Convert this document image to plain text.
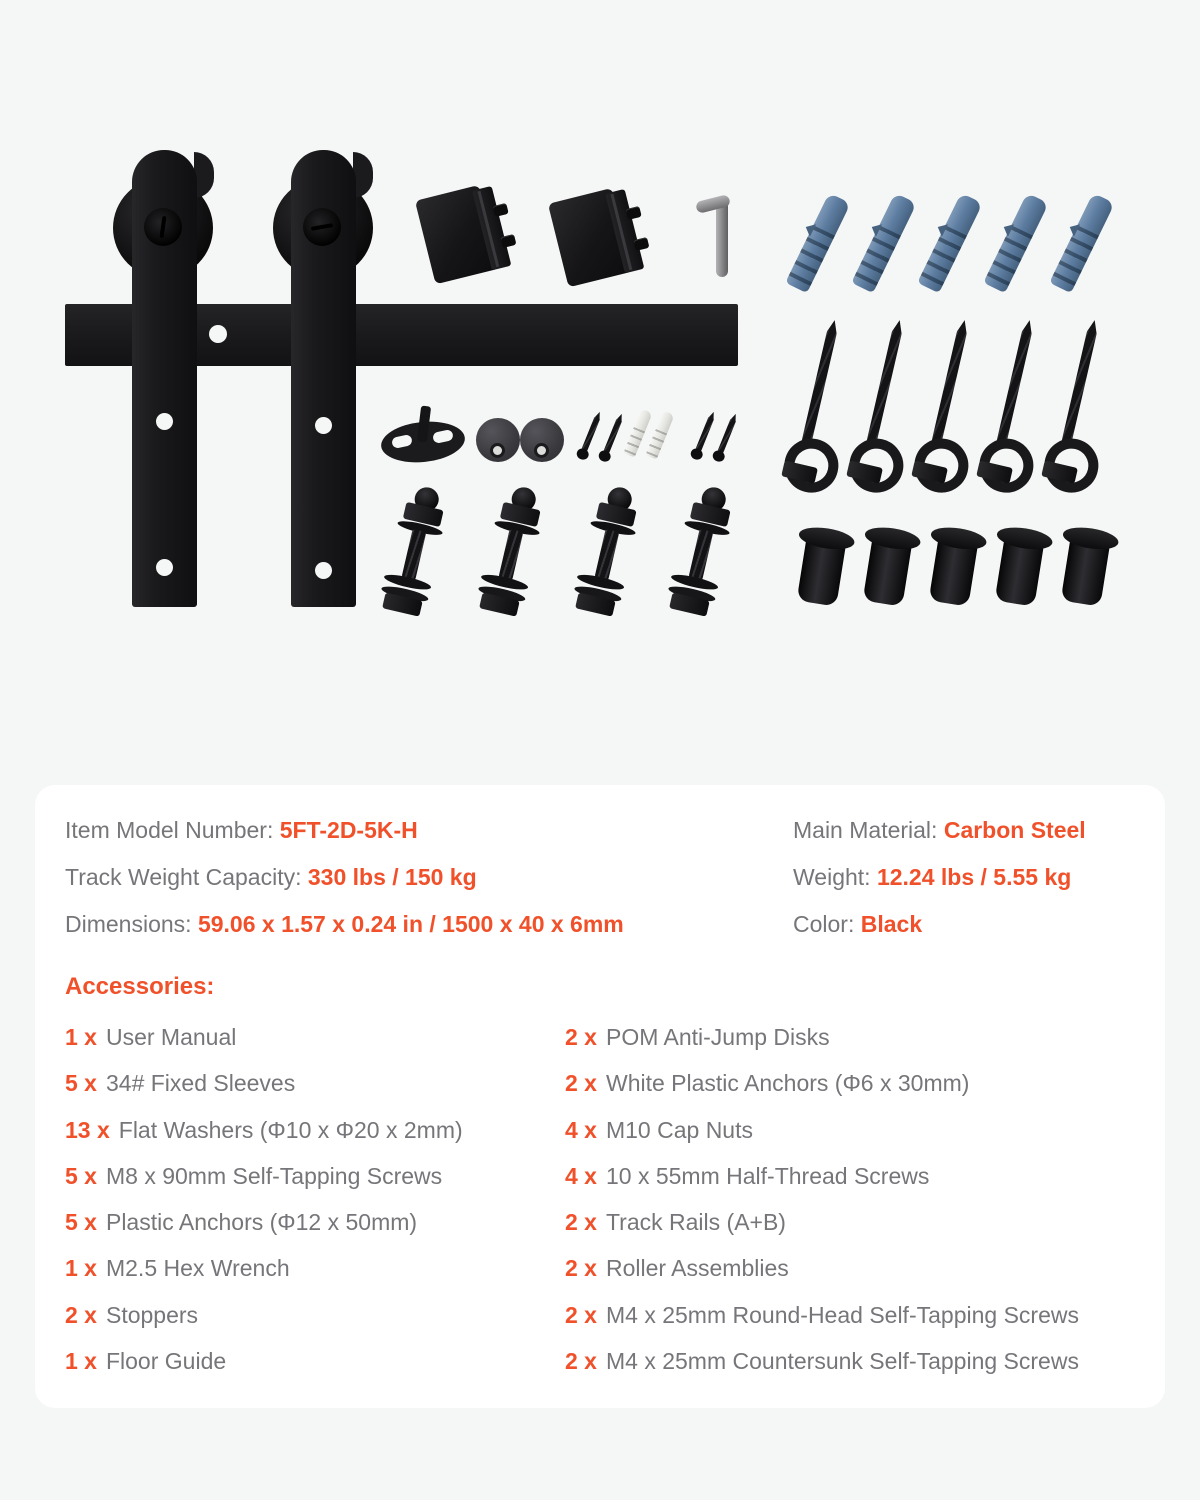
Item Model Number: 5FT-2D-5K-H
Track Weight Capacity: 330 lbs / 150 kg
Dimensions: 59.06 x 1.57 x 0.24 in / 1500 x 40 x 6mm
Main Material: Carbon Steel
Weight: 12.24 lbs / 5.55 kg
Color: Black
Accessories:
1 x User Manual
5 x 34# Fixed Sleeves
13 x Flat Washers (Φ10 x Φ20 x 2mm)
5 x M8 x 90mm Self-Tapping Screws
5 x Plastic Anchors (Φ12 x 50mm)
1 x M2.5 Hex Wrench
2 x Stoppers
1 x Floor Guide
2 x POM Anti-Jump Disks
2 x White Plastic Anchors (Φ6 x 30mm)
4 x M10 Cap Nuts
4 x 10 x 55mm Half-Thread Screws
2 x Track Rails (A+B)
2 x Roller Assemblies
2 x M4 x 25mm Round-Head Self-Tapping Screws
2 x M4 x 25mm Countersunk Self-Tapping Screws
